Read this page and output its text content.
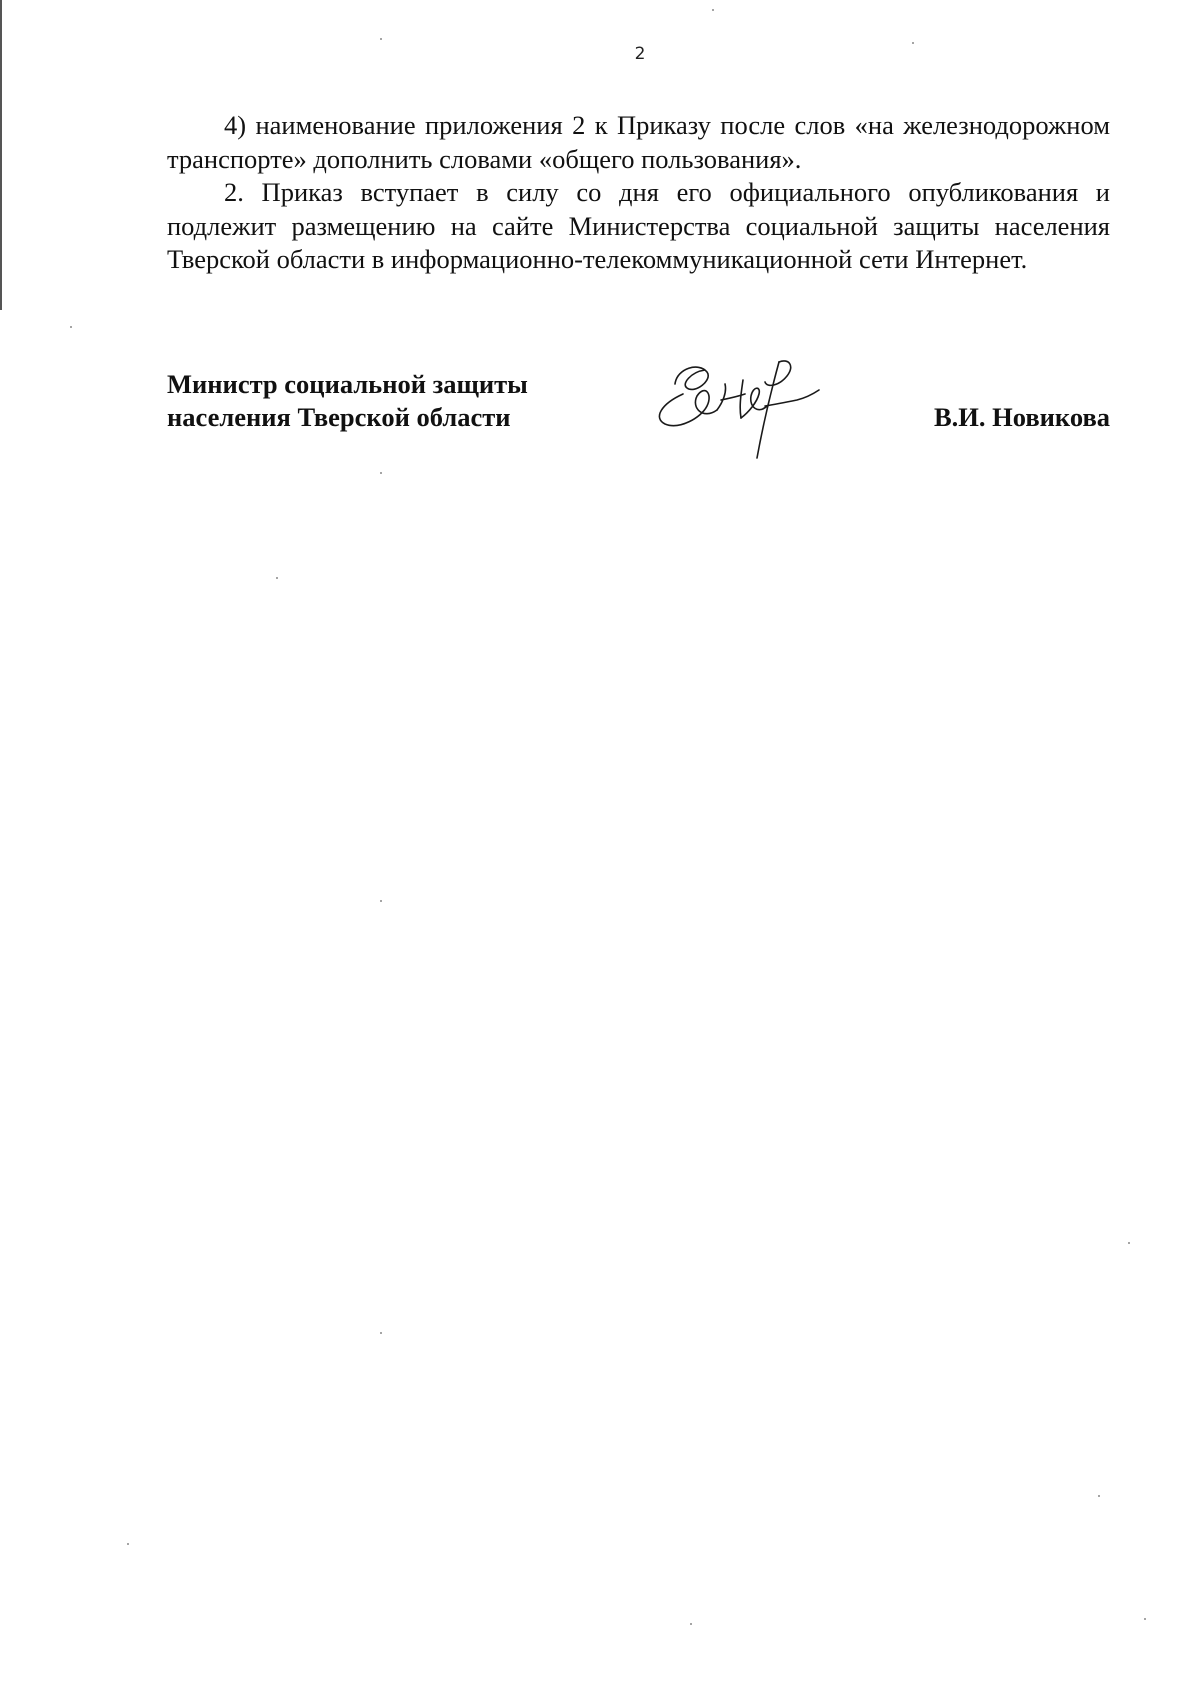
2

4) наименование приложения 2 к Приказу после слов «на железнодорожном транспорте» дополнить словами «общего пользования».

2. Приказ вступает в силу со дня его официального опубликования и подлежит размещению на сайте Министерства социальной защиты населения Тверской области в информационно-телекоммуникационной сети Интернет.

Министр социальной защиты
населения Тверской области	В.И. Новикова
